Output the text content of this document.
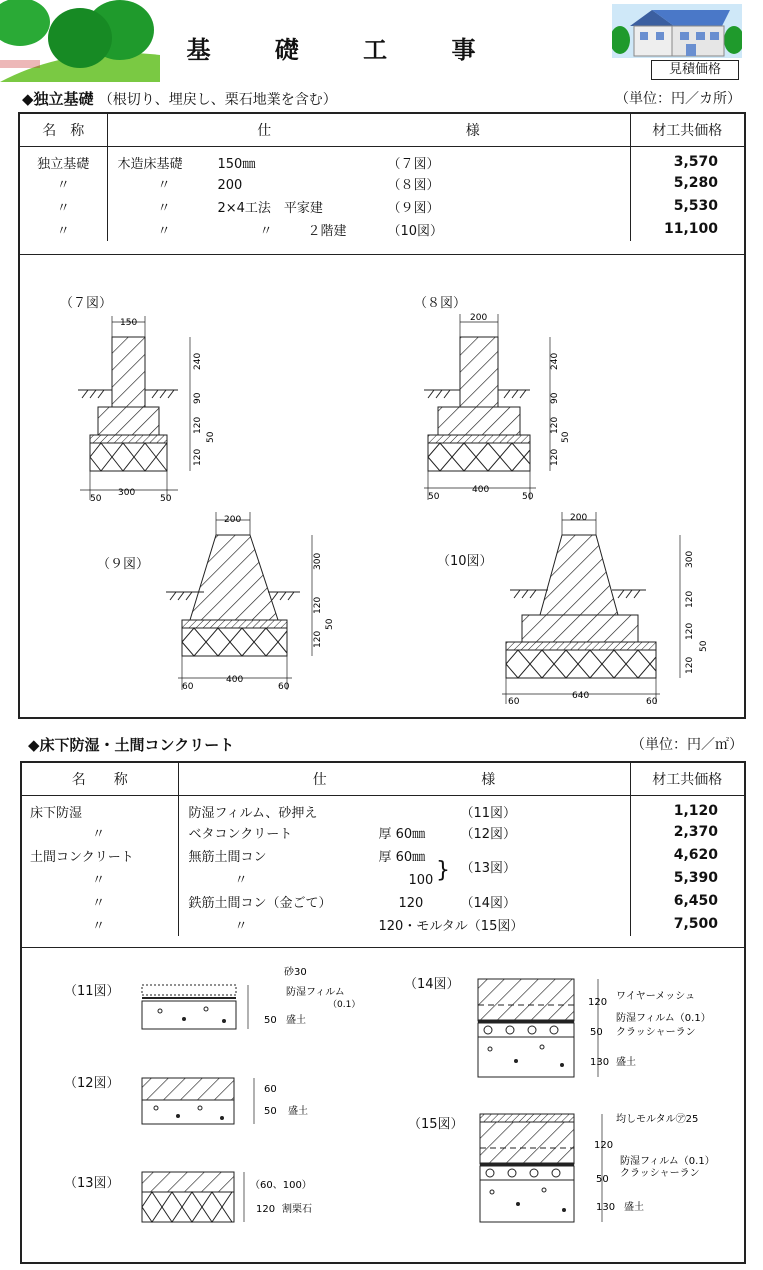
基 礎 工 事
見積価格
◆独立基礎 （根切り、埋戻し、栗石地業を含む）	（単位：円／カ所）
名　称	仕 様	材工共価格
独立基礎	木造床基礎 150㎜ （７図）	3,570
〃	〃 200 （８図）	5,280
〃	〃 2×4工法　平家建 （９図）	5,530
〃	〃 〃 ２階建 （10図）	11,100
（７図）
150
240
90
120
50
120
50
300
50
（８図）
200
240
90
120
50
120
50
400
50
（９図）
200
300
120
120
50
60
400
60
（10図）
200
300
120
120
50
120
60
640
60
◆床下防湿・土間コンクリート	（単位：円／㎡）
名　　称	仕 様	材工共価格
床下防湿	防湿フィルム、砂押え （11図）	1,120
〃	ベタコンクリート 厚 60㎜ （12図）	2,370
土間コンクリート	無筋土間コン 厚 60㎜（13図）	4,620
〃	〃 100	5,390
〃	鉄筋土間コン（金ごて） 120 （14図）	6,450
〃	〃 120・モルタル（15図）	7,500
}
（11図）
砂30
防湿フィルム
（0.1）
50 盛土
（12図）	60
50 盛土
（13図）	（60、100）
120 割栗石
（14図）
120
ワイヤーメッシュ
防湿フィルム（0.1）
50 クラッシャーラン
130 盛土
（15図）	均しモルタル㋐25
120
防湿フィルム（0.1）
50
クラッシャーラン
130 盛土
